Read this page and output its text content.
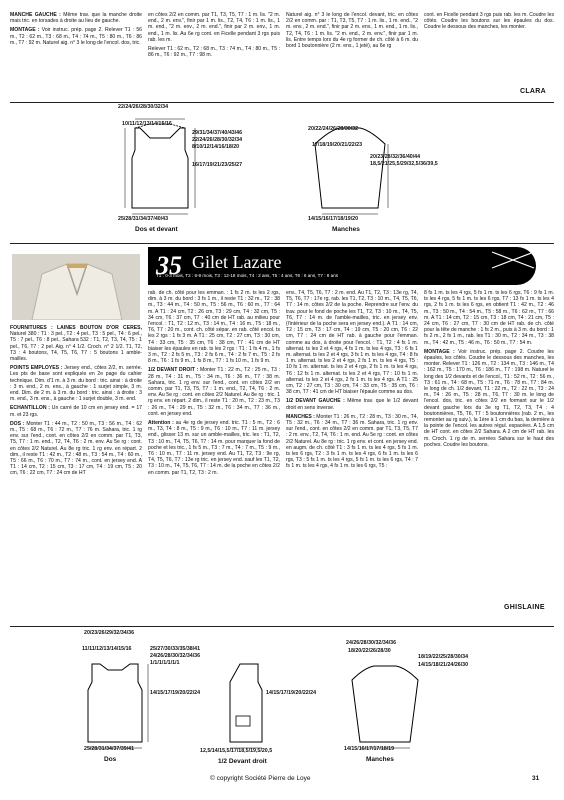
MANCHE GAUCHE : Même trav. que la manche droite mais tric. en torsades à droite au lieu de gauche.

MONTAGE : Voir instruc. prép. page 2. Relever T1 : 56 m., T2 : 62 m., T3 : 68 m., T4 : 74 m., T5 : 80 m., T6 : 86 m., T7 : 92 m. Naturel aig. n° 3 le long de l'encol. dos, tric.

en côtes 2/2 en comm. par T1, T3, T5, T7 : 1 m. lis. "2 m. end., 2 m. env.", finir par 1 m. lis., T2, T4, T6 : 1 m. lis., 1 m. end., "2 m. env., 2 m. end.", finir par 2 m. env., 1 m. end., 1 m. lis. Au 6e rg cont. en Ficelle pendant 3 rgs puis rab. les m.

Relever T1 : 62 m., T2 : 68 m., T3 : 74 m., T4 : 80 m., T5 : 86 m., T6 : 92 m., T7 : 98 m.

Naturel aig. n° 3 le long de l'encol. devant, tric. en côtes 2/2 en comm. par : T1, T3, T5, T7 : 1 m. lis., 1 m. end., "2 m. env., 2 m. end.", finir par 2 m. env., 1 m. end., 1 m. lis., T2, T4, T6 : 1 m. lis. "2 m. end., 2 m. env.", finir par 1 m. lis. Entre temps lors du 4e rg former de ch. côté à 6 m. du bord 1 boutonnière (2 m. ens., 1 jeté), au 6e rg

cont. en Ficelle pendant 3 rgs puis rab. les m. Coudre les côtés. Coudre les boutons sur les épaules du dos. Coudre le dessous des manches, les monter.

CLARA
22/24/26/28/30/32/34
10/11/12/13/14/15/16
29/31/34/37/40/43/46
22/24/26/28/30/32/34
8/10/12/14/16/18/20
16/17/19/21/23/25/27
25/28/31/34/37/40/43
Dos et devant
20/22/24/26/28/30/32
17/18/19/20/21/22/23
20/23/28/32/36/40/44
18,5/21/25,5/29/32,5/36/39,5
14/15/16/17/18/19/20
Manches
35 Gilet Lazare
T1 : 0-3 mois, T2 : 6-9 mois, T3 : 12-18 mois, T4 : 2 ans, T5 : 4 ans, T6 : 6 ans, T7 : 8 ans

FOURNITURES : LAINES BOUTON D'OR CÉRÈS, Naturel 380 : T1 : 3 pel., T2 : 4 pel., T3 : 5 pel., T4 : 6 pel., T5 : 7 pel., T6 : 8 pel., Sahara 532 : T1, T2, T3, T4, T5 : 1 pel., T6, T7 : 2 pel. Aig. n° 4 1/2. Croch. n° 2 1/2. T1, T2, T3 : 4 boutons, T4, T5, T6, T7 : 5 boutons 1 amble-mailles.

POINTS EMPLOYES : Jersey end., côtes 2/2, m. serrée. Les pts de base sont expliqués en 2e page du cahier technique. Dim. d'1 m. à 3 m. du bord : tric. ainsi : à droite : 3 m. end., 2 m. ens., à gauche : 1 surjet simple, 3 m. end. Dim. de 2 m. à 3 m. du bord : tric. ainsi : à droite : 3 m. end., 3 m. ens., à gauche : 1 surjet double, 3 m. end.

ECHANTILLON : Un carré de 10 cm en jersey end. = 17 m. et 23 rgs.

DOS : Monter T1 : 44 m., T2 : 50 m., T3 : 56 m., T4 : 62 m., T5 : 68 m., T6 : 72 m., T7 : 76 m. Sahara, tric. 1 rg env. sur l'end., cont. en côtes 2/2 en comm. par T1, T3, T5, T7 : 1 m. end., T2, T4, T6 : 2 m. env. Au 5e rg : cont. en côtes 2/2 Naturel. Au 8e rg tric. 1 rg env. en répart. 2 dim., il reste T1 : 42 m., T2 : 48 m., T3 : 54 m., T4 : 60 m., T5 : 66 m., T6 : 70 m., T7 : 74 m., cont. en jersey end. A T1 : 14 cm, T2 : 15 cm, T3 : 17 cm, T4 : 19 cm, T5 : 20 cm, T6 : 22 cm, T7 : 24 cm de HT

rab. de ch. côté pour les emman. : 1 fs 2 m. ts les 2 rgs, dim. à 3 m. du bord : 3 fs 1 m., il reste T1 : 32 m., T2 : 38 m., T3 : 44 m., T4 : 50 m., T5 : 56 m., T6 : 60 m., T7 : 64 m. A T1 : 24 cm, T2 : 26 cm, T3 : 29 cm, T4 : 32 cm, T5 : 34 cm, T6 : 37 cm, T7 : 40 cm de HT rab. au milieu pour l'encol. : T1, T2 : 12 m., T3 : 14 m., T4 : 16 m., T5 : 18 m., T6, T7 : 20 m., cont. ch. côté sépar. en rab. côté encol. ts les 2 rgs : 1 fs 3 m. A T1 : 25 cm, T2 : 27 cm, T3 : 30 cm, T4 : 33 cm, T5 : 35 cm, T6 : 38 cm, T7 : 41 cm de HT biaiser les épaules en rab. ts les 2 rgs : T1 : 1 fs 4 m., 1 fs 3 m., T2 : 2 fs 5 m., T3 : 2 fs 6 m., T4 : 2 fs 7 m., T5 : 2 fs 8 m., T6 : 1 fs 9 m., 1 fs 8 m., T7 : 1 fs 10 m., 1 fs 9 m.

1/2 DEVANT DROIT : Monter T1 : 22 m., T2 : 25 m., T3 : 28 m., T4 : 31 m., T5 : 34 m., T6 : 36 m., T7 : 38 m. Sahara, tric. 1 rg env. sur l'end., cont. en côtes 2/2 en comm. par T1, T3, T5, T7 : 1 m. end., T2, T4, T6 : 2 m. env. Au 5e rg : cont. en côtes 2/2 Naturel. Au 8e rg : tric. 1 rg env. en répart. 2 dim., il reste T1 : 20 m., T2 : 23 m., T3 : 26 m., T4 : 29 m., T5 : 32 m., T6 : 34 m., T7 : 36 m., cont. en jersey end.

Attention : au 4e rg de jersey end. tric. T1 : 5 m., T2 : 6 m., T3, T4 : 8 m., T5 : 9 m., T6 : 10 m., T7 : 11 m. jersey end., glisser 13 m. sur un amble-mailles, tric. les : T1, T2, T3 : 10 m., T4, T5, T6, T7 : 14 m. pour marquer la fond de poche et les tric., 1 fs 5 m., T3 : 7 m., T4 : 7 m., T5 : 9 m., T6 : 10 m., T7 : 11 m. jersey end. Au T1, T2, T3 : 9e rg, T4, T5, T6, T7 : 13e rg tric. en jersey end. sauf les T1, T2, T3 : 10 m., T4, T5, T6, T7 : 14 m. de la poche en côtes 2/2 en comm. par T1, T2, T3 : 2 m.

env., T4, T5, T6, T7 : 2 m. end. Au T1, T2, T3 : 13e rg, T4, T5, T6, T7 : 17e rg, rab. les T1, T2, T3 : 10 m., T4, T5, T6, T7 : 14 m. côtes 2/2 de la poche. Reprendre sur l'env. du trav. pour le fond de poche les T1, T2, T3 : 10 m., T4, T5, T6, T7 : 14 m. de l'amble-mailles, tric. en jersey env. (l'intérieur de la poche sera en jersey end.). A T1 : 14 cm, T2 : 15 cm, T3 : 17 cm, T4 : 19 cm, T5 : 20 cm, T6 : 22 cm, T7 : 24 cm de HT rab. à gauche pour l'emman. comme au dos, à droite pour l'encol. : T1, T2 : 4 fs 1 m. alternat. ts les 2 et 4 rgs, 4 fs 1 m. ts les 4 rgs, T3 : 6 fs 1 m. alternat. ts les 2 et 4 rgs, 3 fs 1 m. ts les 4 rgs, T4 : 8 fs 1 m. alternat. ts les 2 et 4 rgs, 2 fs 1 m. ts les 4 rgs, T5 : 10 fs 1 m. alternat. ts les 2 et 4 rgs, 2 fs 1 m. ts les 4 rgs, T6 : 12 fs 1 m. alternat. ts les 2 et 4 rgs, T7 : 10 fs 1 m. alternat. ts les 2 et 4 rgs, 2 fs 1 m. ts les 4 rgs. A T1 : 25 cm, T2 : 27 cm, T3 : 30 cm, T4 : 33 cm, T5 : 35 cm, T6 : 38 cm, T7 : 41 cm de HT biaiser l'épaule comme au dos.

1/2 DEVANT GAUCHE : Même trav. que le 1/2 devant droit en sens inverse.

MANCHES : Monter T1 : 26 m., T2 : 28 m., T3 : 30 m., T4, T5 : 32 m., T6 : 34 m., T7 : 36 m. Sahara, tric. 1 rg env. sur l'end., cont. en côtes 2/2 en comm. par T1, T3, T5, T7 : 2 m. env., T2, T4, T6 : 1 m. end. Au 5e rg : cont. en côtes 2/2 Naturel. Au 8e rg : tric. 1 rg env. et cont. en jersey end. en augm. de ch. côté T1 : 3 fs 1 m. ts les 4 rgs, 5 fs 1 m. ts les 6 rgs, T2 : 3 fs 1 m. ts les 4 rgs, 6 fs 1 m. ts les 6 rgs, T3 : 5 fs 1 m. ts les 4 rgs, 5 fs 1 m. ts les 6 rgs, T4 : 7 fs 1 m. ts les 4 rgs, 4 fs 1 m. ts les 6 rgs, T5 :

8 fs 1 m. ts les 4 rgs, 5 fs 1 m. ts les 6 rgs, T6 : 9 fs 1 m. ts les 4 rgs, 5 fs 1 m. ts les 6 rgs, T7 : 13 fs 1 m. ts les 4 rgs, 2 fs 1 m. ts les 6 rgs, en obtient T1 : 42 m., T2 : 46 m., T3 : 50 m., T4 : 54 m., T5 : 58 m., T6 : 62 m., T7 : 66 m. A T1 : 14 cm, T2 : 15 cm, T3 : 18 cm, T4 : 21 cm, T5 : 24 cm, T6 : 27 cm, T7 : 30 cm de HT rab. de ch. côté pour la tête de manche : 1 fs 2 m., puis à 3 m. du bord : 1 fs 2 m., 2 fs 1 m., rab. les T1 : 30 m., T2 : 34 m., T3 : 38 m., T4 : 42 m., T5 : 46 m., T6 : 50 m., T7 : 54 m.

MONTAGE : Voir instruc. prép. page 2. Coudre les épaules, les côtés. Coudre le dessous des manches, les monter. Relever T1 : 126 m., T2 : 134 m., T3 : 146 m., T4 : 162 m., T5 : 170 m., T6 : 186 m., T7 : 198 m. Naturel le long des 1/2 devants et de l'encol., T1 : 52 m., T2 : 56 m., T3 : 61 m., T4 : 68 m., T5 : 71 m., T6 : 78 m., T7 : 84 m. le long de ch. 1/2 devant, T1 : 22 m., T2 : 22 m., T3 : 24 m., T4 : 26 m., T5 : 28 m., T6, T7 : 30 m. le long de l'encol. dos, tric. en côtes 2/2 en formant sur le 1/2 devant gauche lors du 3e rg T1, T2, T3, T4 : 4 boutonnières, T5, T6, T7 : 5 boutonnières (rab. 2 m., les remonter au rg suiv.), la 1ère à 1 cm du bas, la dernière à la pointe de l'encol. les autres régul. espacées. A 1,5 cm de HT cont. en côtes 2/2 Sahara. A 2 cm de HT rab. les m. Croch. 1 rg de m. serrées Sahara sur le haut des poches. Coudre les boutons.

GHISLAINE
20/23/26/29/32/34/36
11/11/12/13/14/15/16	25/27/30/33/35/38/41
24/26/28/30/32/34/36
1/1/1/1/1/1/1
14/15/17/19/20/22/24
25/28/31/34/37/39/41
Dos
14/15/17/19/20/22/24
12,5/14/15,5/17/18,5/19,5/20,5
1/2 Devant droit
24/26/28/30/32/34/36
18/20/22/26/28/30
18/19/22/25/28/30/34
14/15/18/21/24/26/30
14/15/16/17/17/18/19
Manches
© copyright Société Pierre de Loye	31
